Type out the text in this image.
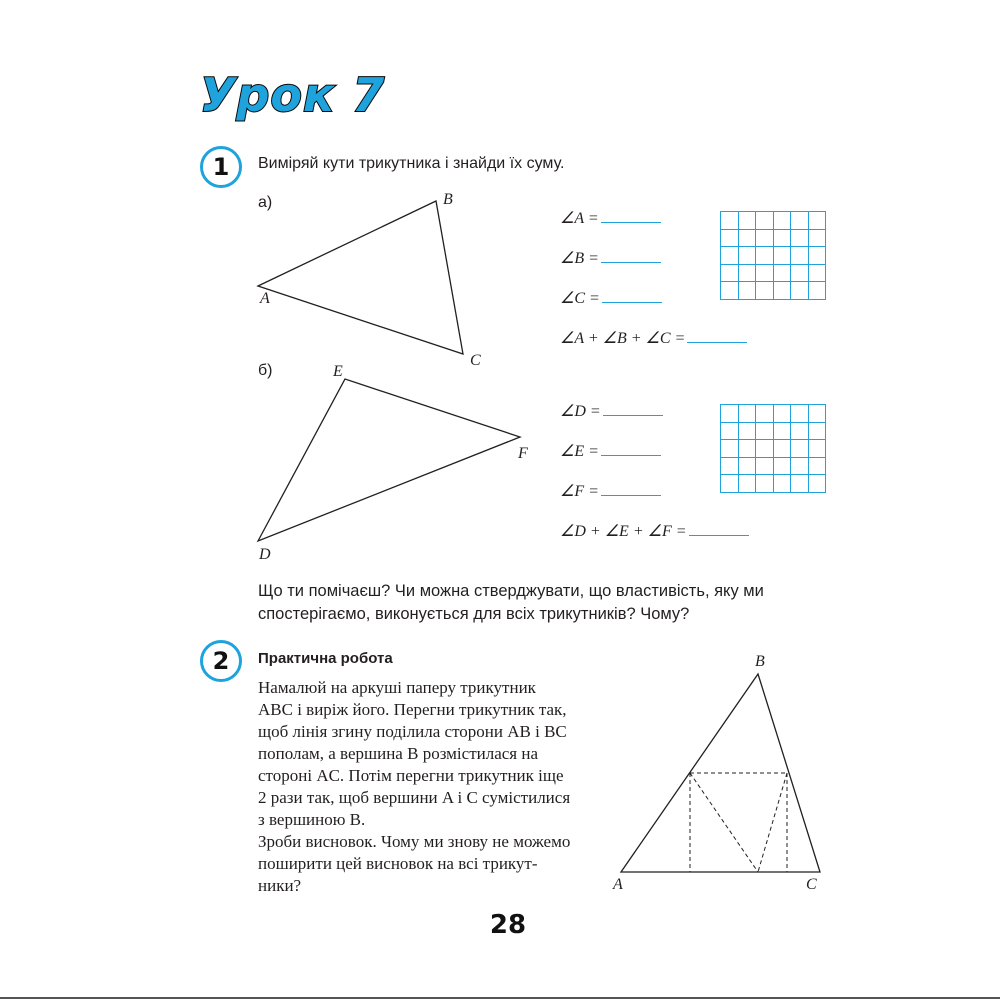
Урок 7
1	Виміряй кути трикутника і знайди їх суму.
а)
б)
A
B
C
D
E
F
∠A =
∠B =
∠C =
∠A + ∠B + ∠C =
∠D =
∠E =
∠F =
∠D + ∠E + ∠F =

Що ти помічаєш? Чи можна стверджувати, що властивість, яку ми
спостерігаємо, виконується для всіх трикутників? Чому?
2	Практична робота
Намалюй на аркуші паперу трикутник
ABC і виріж його. Перегни трикутник так,
щоб лінія згину поділила сторони AB і BC
пополам, а вершина B розмістилася на
стороні AC. Потім перегни трикутник іще
2 рази так, щоб вершини A і C сумістилися
з вершиною B.
Зроби висновок. Чому ми знову не можемо
поширити цей висновок на всі трикут-
ники?	A
B
C
28
